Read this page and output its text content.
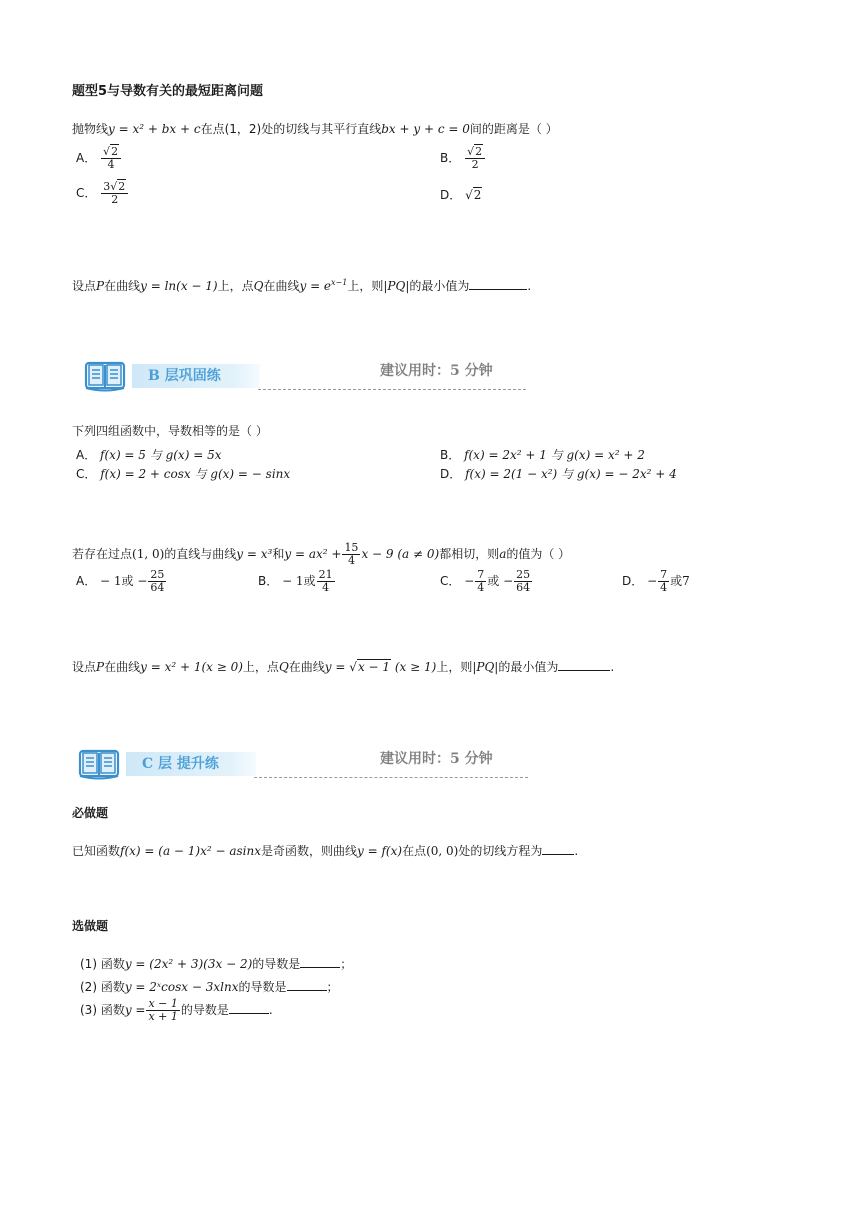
题型5与导数有关的最短距离问题
抛物线y = x² + bx + c在点(1，2)处的切线与其平行直线bx + y + c = 0间的距离是（ ）
A． $\frac{√2}{4}$	B． $\frac{√2}{2}$
C． $\frac{3√2}{2}$	D． √2
设点P在曲线y = ln(x − 1)上，点Q在曲线$y = e^{x-1}$上，则|PQ|的最小值为	.
B 层巩固练	建议用时：5 分钟
下列四组函数中，导数相等的是（ ）
A． f(x) = 5 与 g(x) = 5x	B． f(x) = 2x² + 1 与 g(x) = x² + 2
C． f(x) = 2 + cosx 与 g(x) = − sinx	D． f(x) = 2(1 − x²) 与 g(x) = − 2x² + 4
若存在过点(1, 0)的直线与曲线y = x³和$y = ax^2 + \frac{15}{4}$ x − 9 (a ≠ 0)都相切，则a的值为（ ）
A． − 1或 − $\frac{25}{64}$	B． − 1或 $\frac{21}{4}$	C． − $\frac{7}{4}$ 或 − $\frac{25}{64}$	D． − $\frac{7}{4}$ 或7
设点P在曲线y = x² + 1(x ≥ 0)上，点Q在曲线y = √x − 1 (x ≥ 1)上，则|PQ|的最小值为	.
C 层 提升练	建议用时：5 分钟
必做题
已知函数f(x) = (a − 1)x² − asinx是奇函数，则曲线y = f(x)在点(0, 0)处的切线方程为	.
选做题
(1) 函数y = (2x² + 3)(3x − 2)的导数是	；
(2) 函数y = 2ˣcosx − 3xlnx的导数是	；
(3) 函数$y = \frac{x - 1}{x + 1}$ 的导数是	.
